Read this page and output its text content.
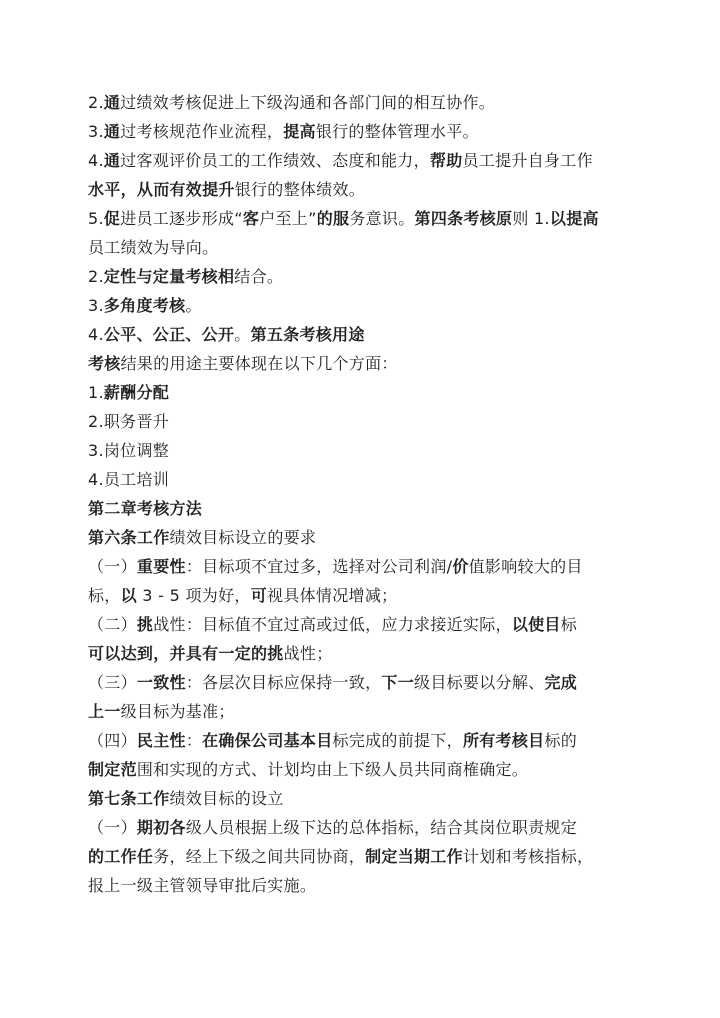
2.通过绩效考核促进上下级沟通和各部门间的相互协作。
3.通过考核规范作业流程，提高银行的整体管理水平。
4.通过客观评价员工的工作绩效、态度和能力，帮助员工提升自身工作
水平，从而有效提升银行的整体绩效。
5.促进员工逐步形成“客户至上”的服务意识。第四条考核原则 1.以提高
员工绩效为导向。
2.定性与定量考核相结合。
3.多角度考核。
4.公平、公正、公开。第五条考核用途
考核结果的用途主要体现在以下几个方面：
1.薪酬分配
2.职务晋升
3.岗位调整
4.员工培训
第二章考核方法
第六条工作绩效目标设立的要求
（一）重要性：目标项不宜过多，选择对公司利润/价值影响较大的目
标，以 3 - 5 项为好，可视具体情况增减；
（二）挑战性：目标值不宜过高或过低，应力求接近实际，以使目标
可以达到，并具有一定的挑战性；
（三）一致性：各层次目标应保持一致，下一级目标要以分解、完成
上一级目标为基准；
（四）民主性：在确保公司基本目标完成的前提下，所有考核目标的
制定范围和实现的方式、计划均由上下级人员共同商榷确定。
第七条工作绩效目标的设立
（一）期初各级人员根据上级下达的总体指标，结合其岗位职责规定
的工作任务，经上下级之间共同协商，制定当期工作计划和考核指标，
报上一级主管领导审批后实施。
